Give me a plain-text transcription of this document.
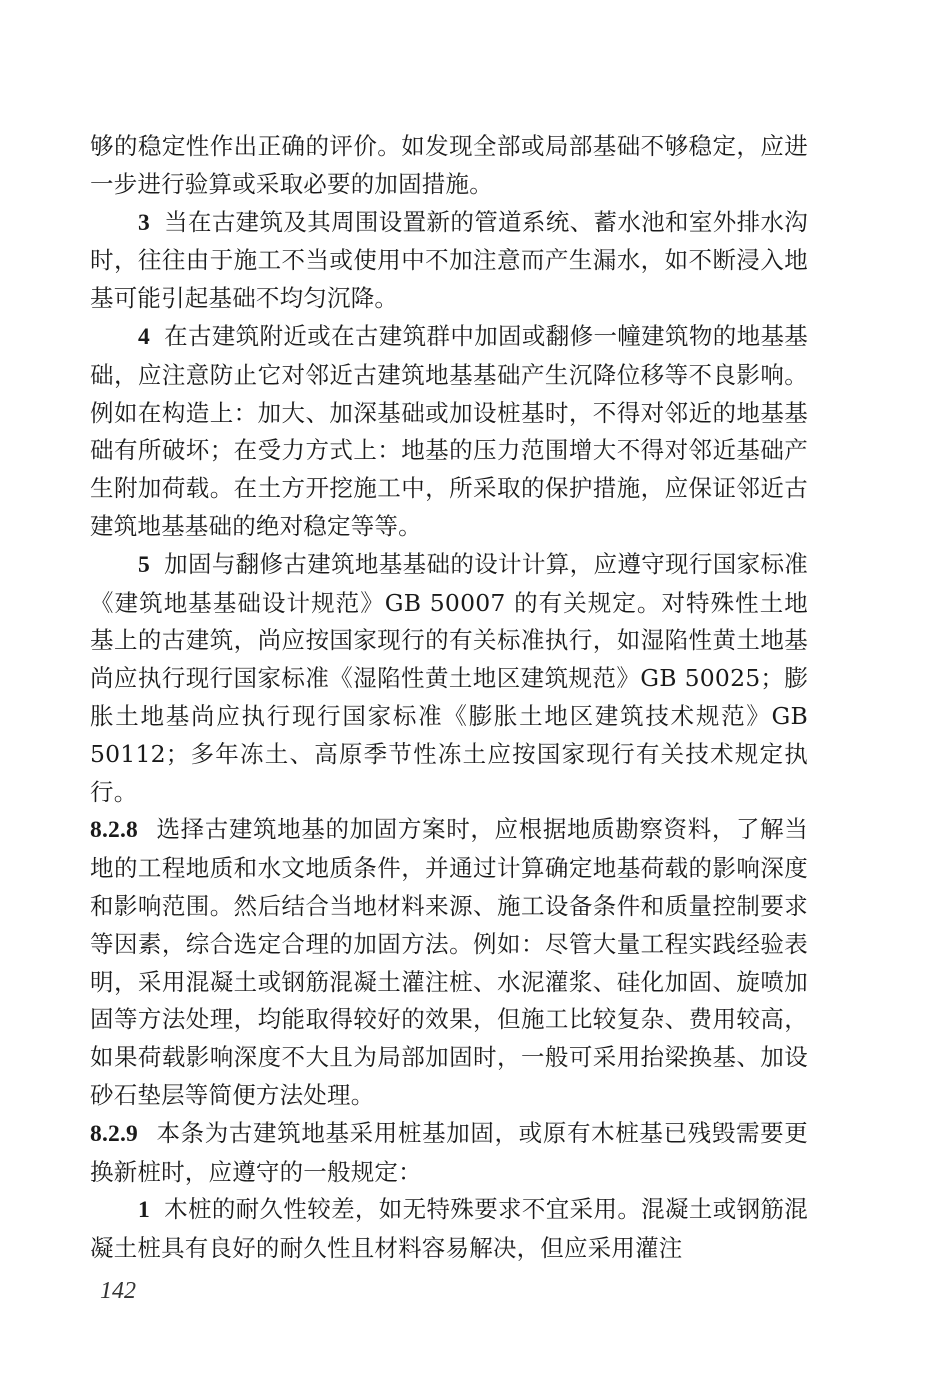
够的稳定性作出正确的评价。如发现全部或局部基础不够稳定，应进一步进行验算或采取必要的加固措施。

3 当在古建筑及其周围设置新的管道系统、蓄水池和室外排水沟时，往往由于施工不当或使用中不加注意而产生漏水，如不断浸入地基可能引起基础不均匀沉降。

4 在古建筑附近或在古建筑群中加固或翻修一幢建筑物的地基基础，应注意防止它对邻近古建筑地基基础产生沉降位移等不良影响。例如在构造上：加大、加深基础或加设桩基时，不得对邻近的地基基础有所破坏；在受力方式上：地基的压力范围增大不得对邻近基础产生附加荷载。在土方开挖施工中，所采取的保护措施，应保证邻近古建筑地基基础的绝对稳定等等。

5 加固与翻修古建筑地基基础的设计计算，应遵守现行国家标准《建筑地基基础设计规范》GB 50007 的有关规定。对特殊性土地基上的古建筑，尚应按国家现行的有关标准执行，如湿陷性黄土地基尚应执行现行国家标准《湿陷性黄土地区建筑规范》GB 50025；膨胀土地基尚应执行现行国家标准《膨胀土地区建筑技术规范》GB 50112；多年冻土、高原季节性冻土应按国家现行有关技术规定执行。

8.2.8 选择古建筑地基的加固方案时，应根据地质勘察资料，了解当地的工程地质和水文地质条件，并通过计算确定地基荷载的影响深度和影响范围。然后结合当地材料来源、施工设备条件和质量控制要求等因素，综合选定合理的加固方法。例如：尽管大量工程实践经验表明，采用混凝土或钢筋混凝土灌注桩、水泥灌浆、硅化加固、旋喷加固等方法处理，均能取得较好的效果，但施工比较复杂、费用较高，如果荷载影响深度不大且为局部加固时，一般可采用抬梁换基、加设砂石垫层等简便方法处理。

8.2.9 本条为古建筑地基采用桩基加固，或原有木桩基已残毁需要更换新桩时，应遵守的一般规定：

1 木桩的耐久性较差，如无特殊要求不宜采用。混凝土或钢筋混凝土桩具有良好的耐久性且材料容易解决，但应采用灌注

142
